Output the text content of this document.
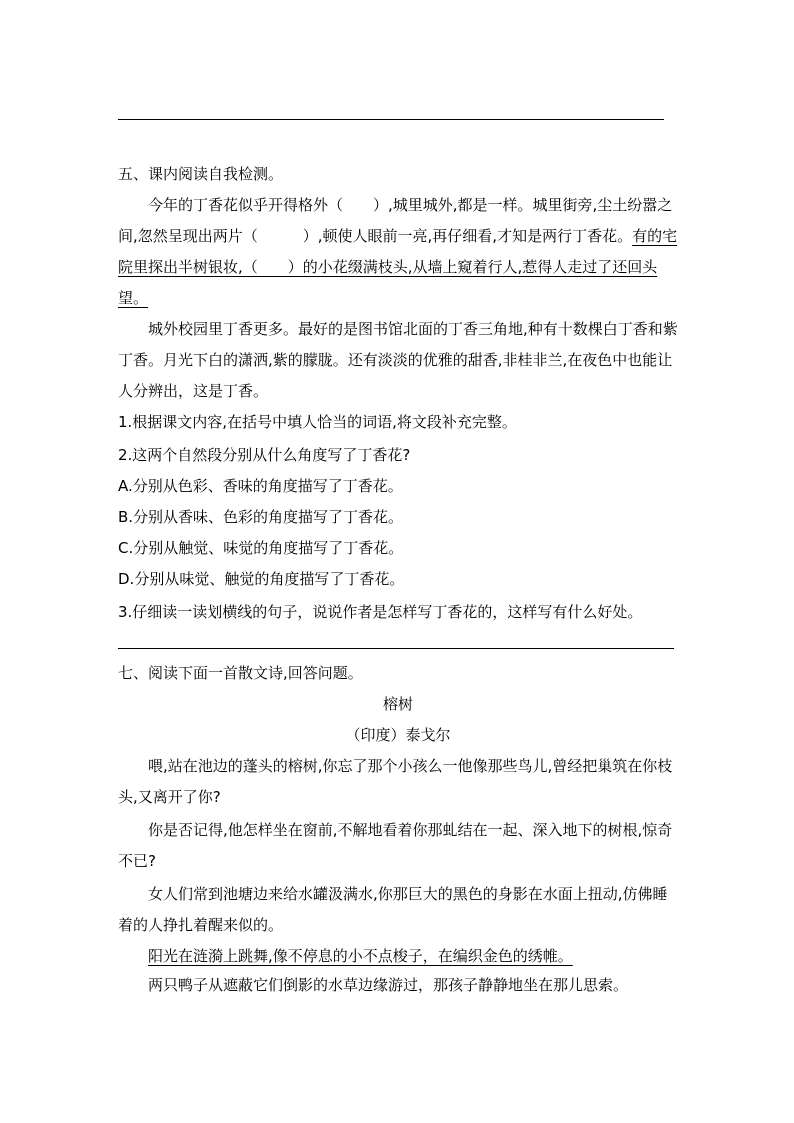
五、课内阅读自我检测。
今年的丁香花似乎开得格外（　　）,城里城外,都是一样。城里街旁,尘土纷嚣之间,忽然呈现出两片（　　　）,顿使人眼前一亮,再仔细看,才知是两行丁香花。有的宅院里探出半树银妆,（　　）的小花缀满枝头,从墙上窥着行人,惹得人走过了还回头望。
城外校园里丁香更多。最好的是图书馆北面的丁香三角地,种有十数棵白丁香和紫丁香。月光下白的潇洒,紫的朦胧。还有淡淡的优雅的甜香,非桂非兰,在夜色中也能让人分辨出，这是丁香。
1.根据课文内容,在括号中填人恰当的词语,将文段补充完整。
2.这两个自然段分别从什么角度写了丁香花?
A.分别从色彩、香味的角度描写了丁香花。
B.分别从香味、色彩的角度描写了丁香花。
C.分别从触觉、味觉的角度描写了丁香花。
D.分别从味觉、触觉的角度描写了丁香花。
3.仔细读一读划横线的句子，说说作者是怎样写丁香花的，这样写有什么好处。
七、阅读下面一首散文诗,回答问题。
榕树
（印度）泰戈尔
喂,站在池边的蓬头的榕树,你忘了那个小孩么一他像那些鸟儿,曾经把巢筑在你枝头,又离开了你?
你是否记得,他怎样坐在窗前,不解地看着你那虬结在一起、深入地下的树根,惊奇不已?
女人们常到池塘边来给水罐汲满水,你那巨大的黑色的身影在水面上扭动,仿佛睡着的人挣扎着醒来似的。
阳光在涟漪上跳舞,像不停息的小不点梭子，在编织金色的绣帷。
两只鸭子从遮蔽它们倒影的水草边缘游过，那孩子静静地坐在那儿思索。
